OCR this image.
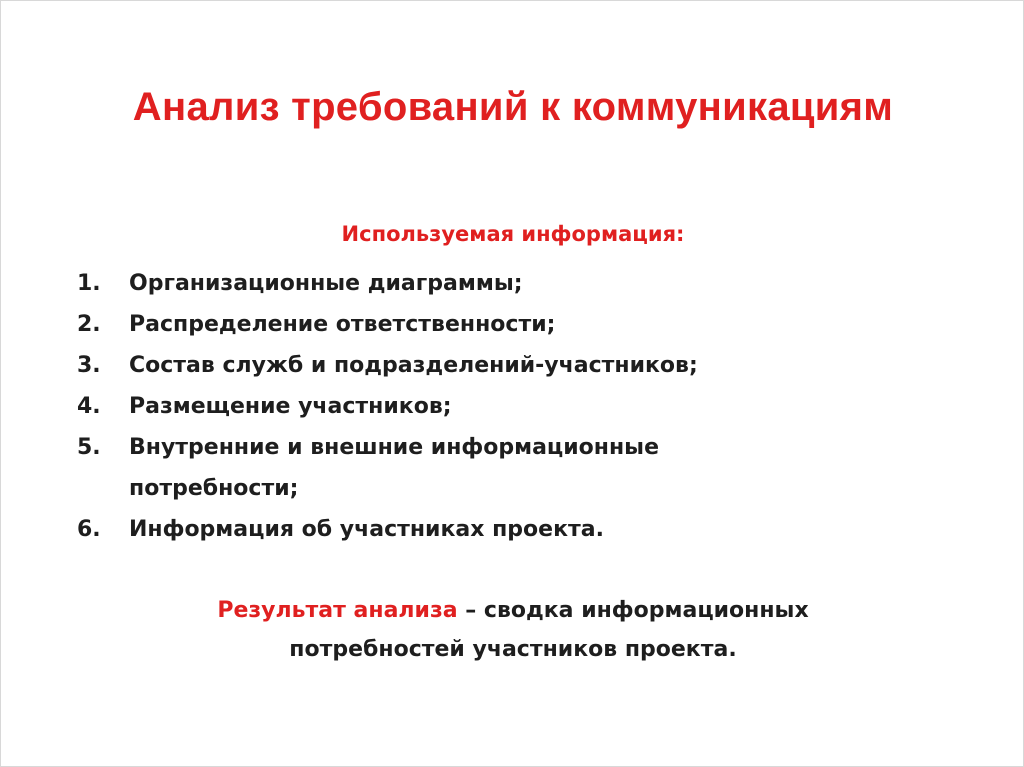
Анализ требований к коммуникациям
Используемая информация:
1.	Организационные диаграммы;
2.	Распределение ответственности;
3.	Состав служб и подразделений-участников;
4.	Размещение участников;
5.	Внутренние и внешние информационные потребности;
6.	Информация об участниках проекта.
Результат анализа – сводка информационных
потребностей участников проекта.
